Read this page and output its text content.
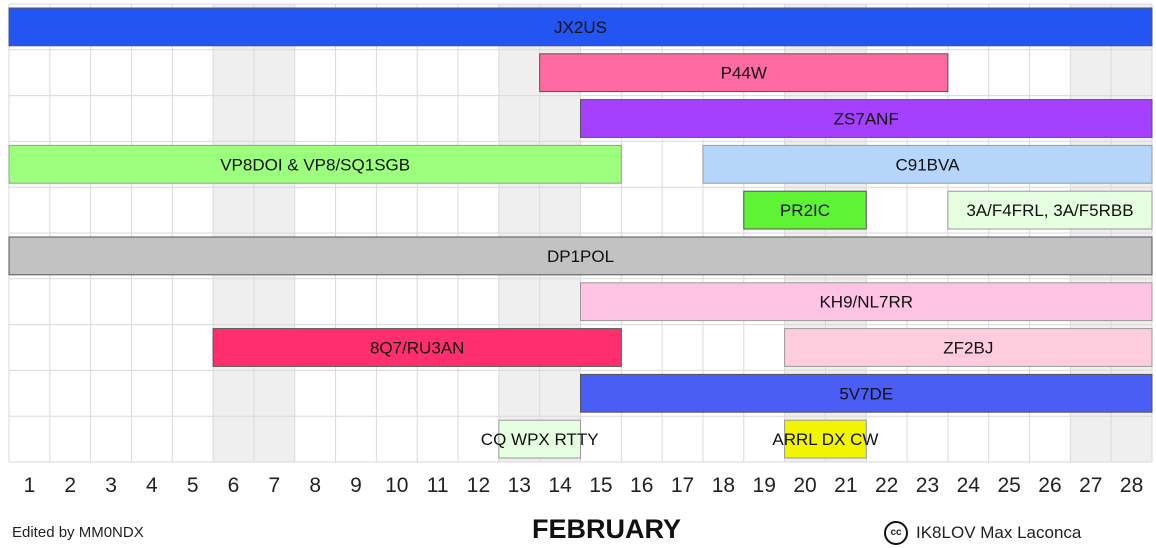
JX2US
P44W
ZS7ANF
VP8DOI & VP8/SQ1SGB	C91BVA
PR2IC	3A/F4FRL, 3A/F5RBB
DP1POL
KH9/NL7RR
8Q7/RU3AN	ZF2BJ
5V7DE
CQ WPX RTTY	ARRL DX CW
1 2 3 4 5 6 7 8 9 10 11 12 13 14 15 16 17 18 19 20 21 22 23 24 25 26 27 28
Edited by MM0NDX	FEBRUARY	cc IK8LOV Max Laconca
